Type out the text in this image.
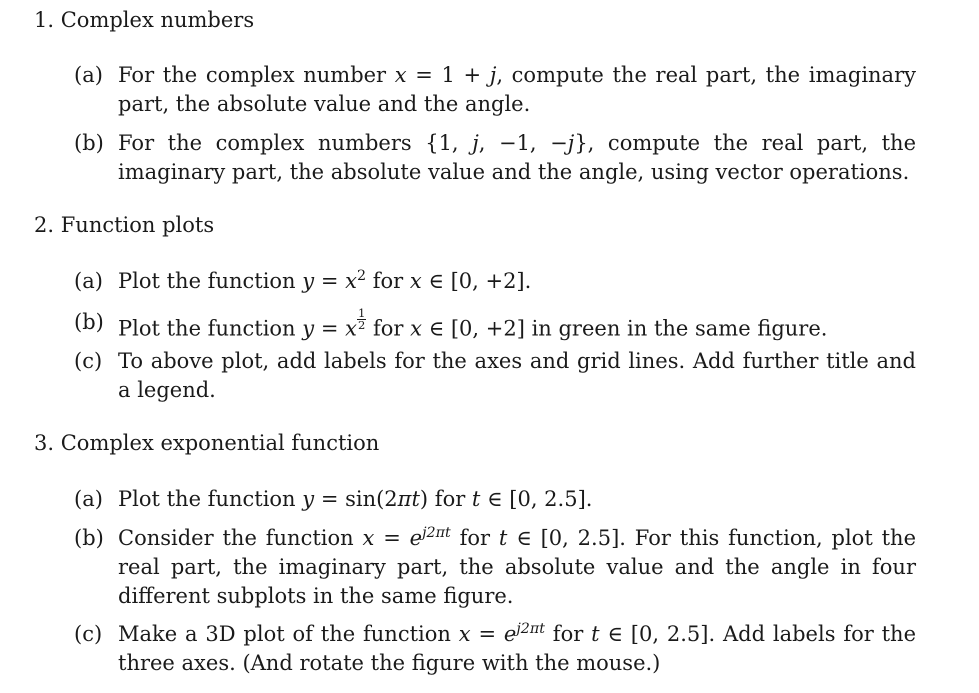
1. Complex numbers
(a) For the complex number x = 1 + j, compute the real part, the imaginary part, the absolute value and the angle.
(b) For the complex numbers {1, j, −1, −j}, compute the real part, the imaginary part, the absolute value and the angle, using vector operations.
2. Function plots
(a) Plot the function $y = x^2$ for x ∈ [0, +2].
(b) Plot the function y = x $\frac{1}{2}$ for x ∈ [0, +2] in green in the same figure.
(c) To above plot, add labels for the axes and grid lines. Add further title and a legend.
3. Complex exponential function
(a) Plot the function y = sin(2πt) for t ∈ [0, 2.5].
(b) Consider the function $x = e^{j2\pi t}$ for t ∈ [0, 2.5]. For this function, plot the real part, the imaginary part, the absolute value and the angle in four different subplots in the same figure.
(c) Make a 3D plot of the function $x = e^{j2\pi t}$ for t ∈ [0, 2.5]. Add labels for the three axes. (And rotate the figure with the mouse.)
